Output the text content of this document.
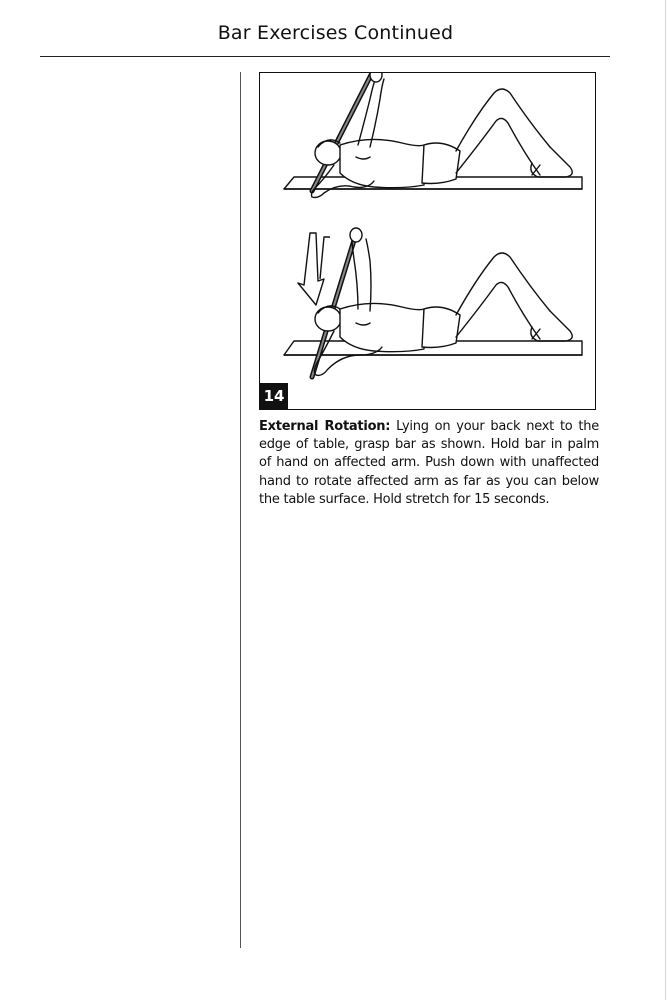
Bar Exercises Continued
14
External Rotation: Lying on your back next to the edge of table, grasp bar as shown. Hold bar in palm of hand on affected arm. Push down with unaffected hand to rotate affected arm as far as you can below the table surface. Hold stretch for 15 seconds.
